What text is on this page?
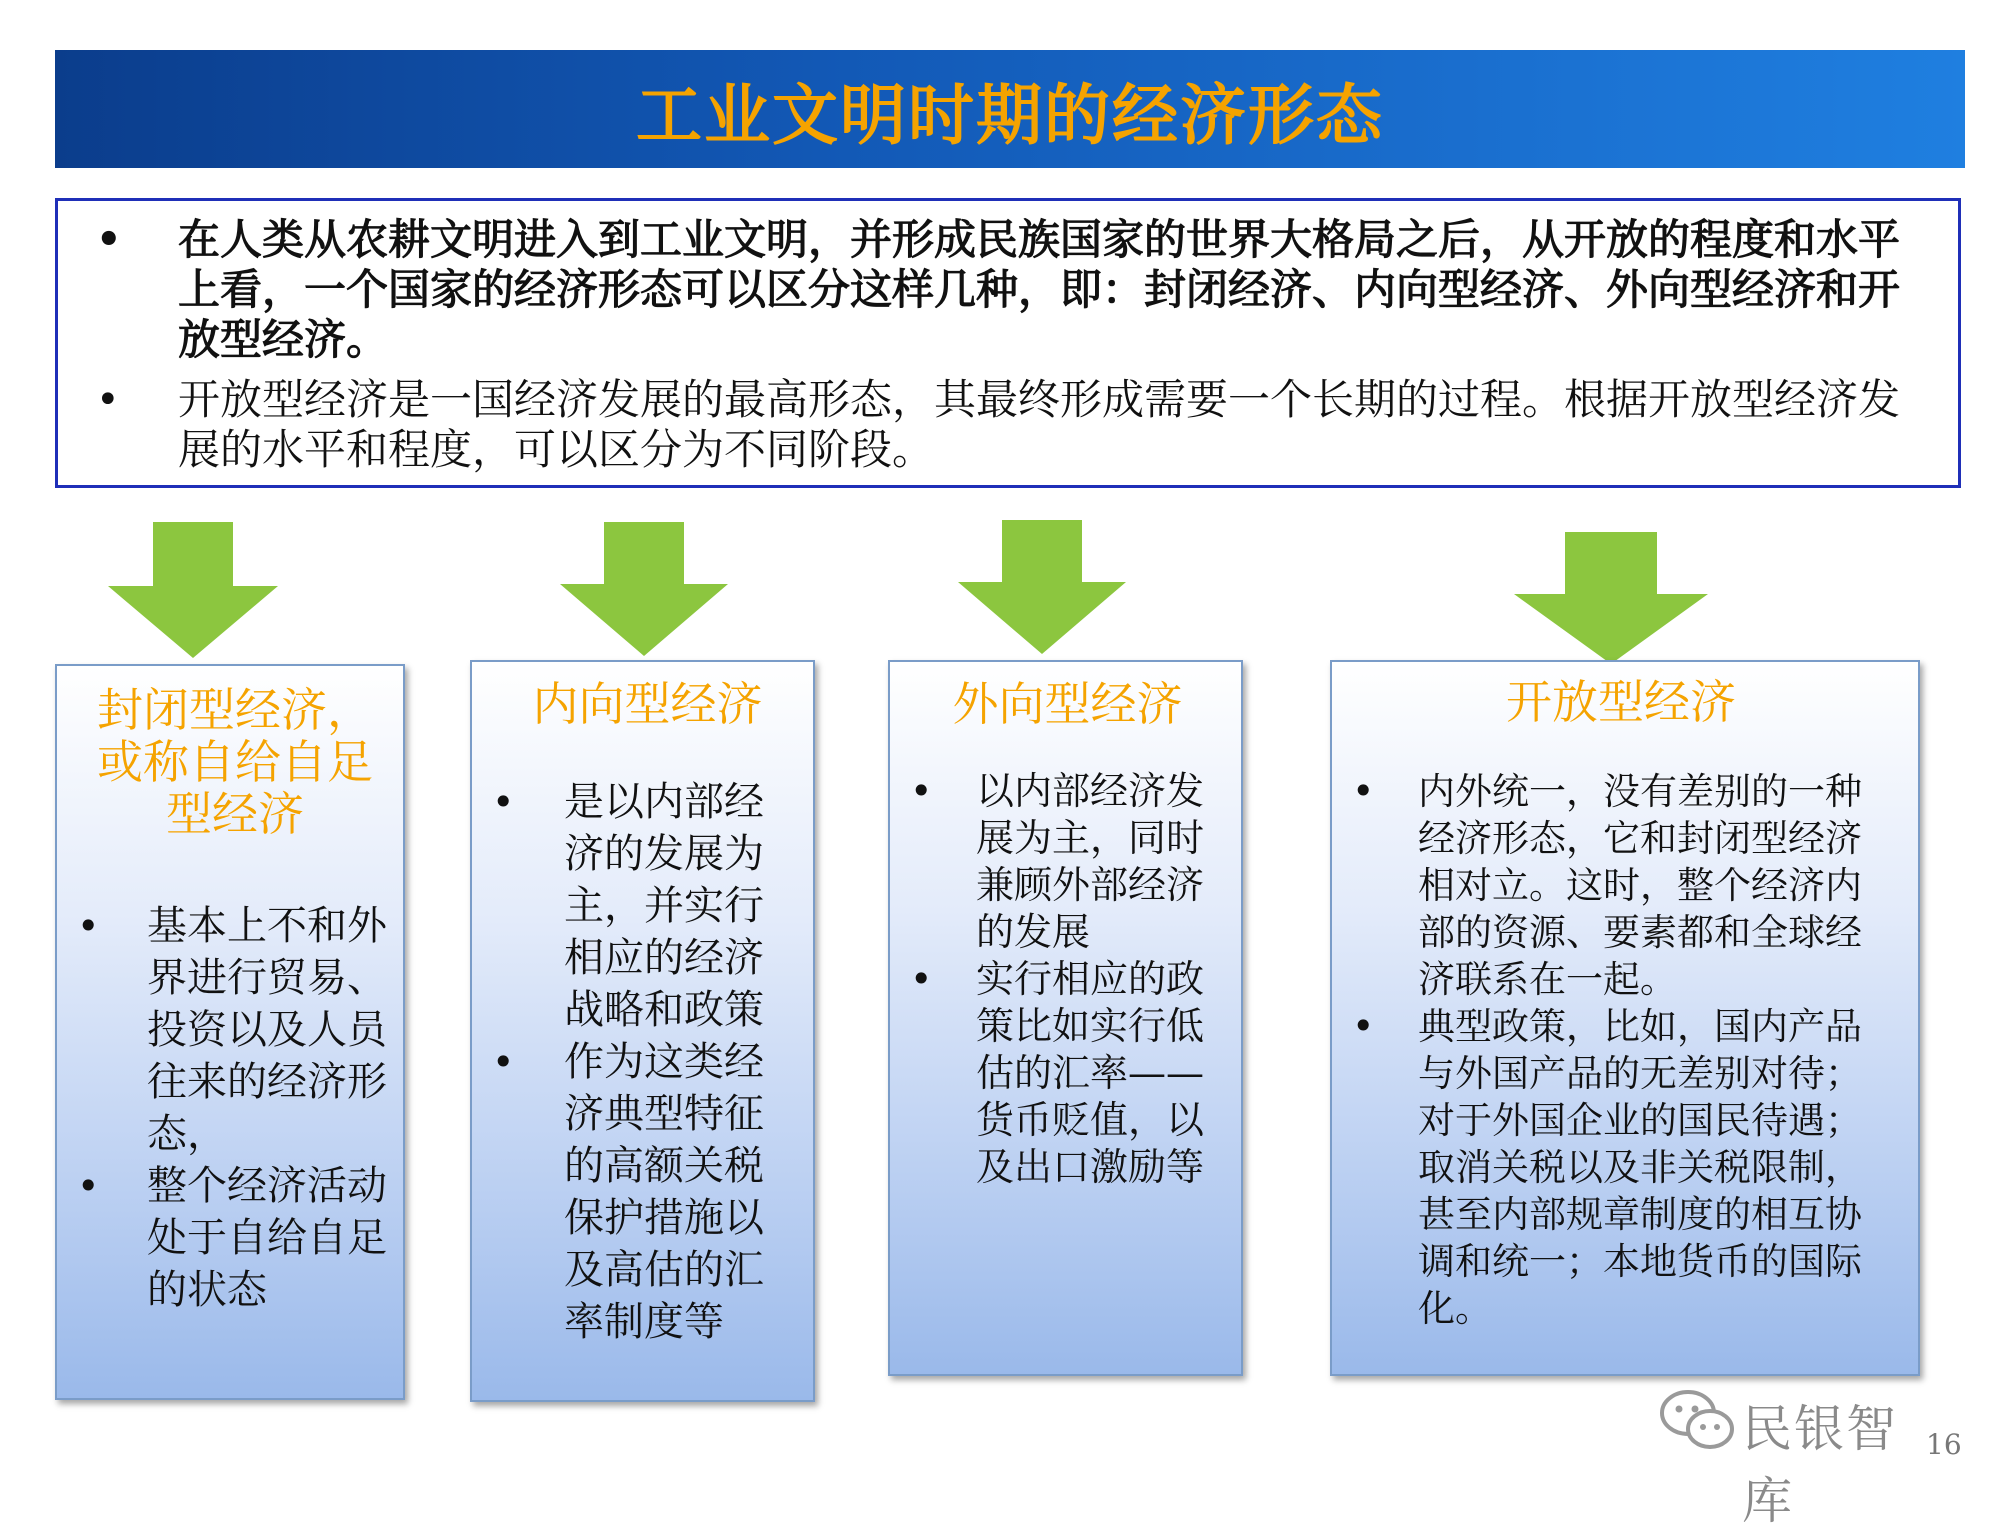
工业文明时期的经济形态
• 在人类从农耕文明进入到工业文明，并形成民族国家的世界大格局之后，从开放的程度和水平上看，一个国家的经济形态可以区分这样几种，即：封闭经济、内向型经济、外向型经济和开放型经济。
• 开放型经济是一国经济发展的最高形态，其最终形成需要一个长期的过程。根据开放型经济发展的水平和程度，可以区分为不同阶段。
封闭型经济，或称自给自足型经济
• 基本上不和外界进行贸易、投资以及人员往来的经济形态，
• 整个经济活动处于自给自足的状态
内向型经济
• 是以内部经济的发展为主，并实行相应的经济战略和政策
• 作为这类经济典型特征的高额关税保护措施以及高估的汇率制度等
外向型经济
• 以内部经济发展为主，同时兼顾外部经济的发展
• 实行相应的政策比如实行低估的汇率——货币贬值，以及出口激励等
开放型经济
• 内外统一，没有差别的一种经济形态，它和封闭型经济相对立。这时，整个经济内部的资源、要素都和全球经济联系在一起。
• 典型政策，比如，国内产品与外国产品的无差别对待；对于外国企业的国民待遇；取消关税以及非关税限制，甚至内部规章制度的相互协调和统一；本地货币的国际化。
民银智库
16
